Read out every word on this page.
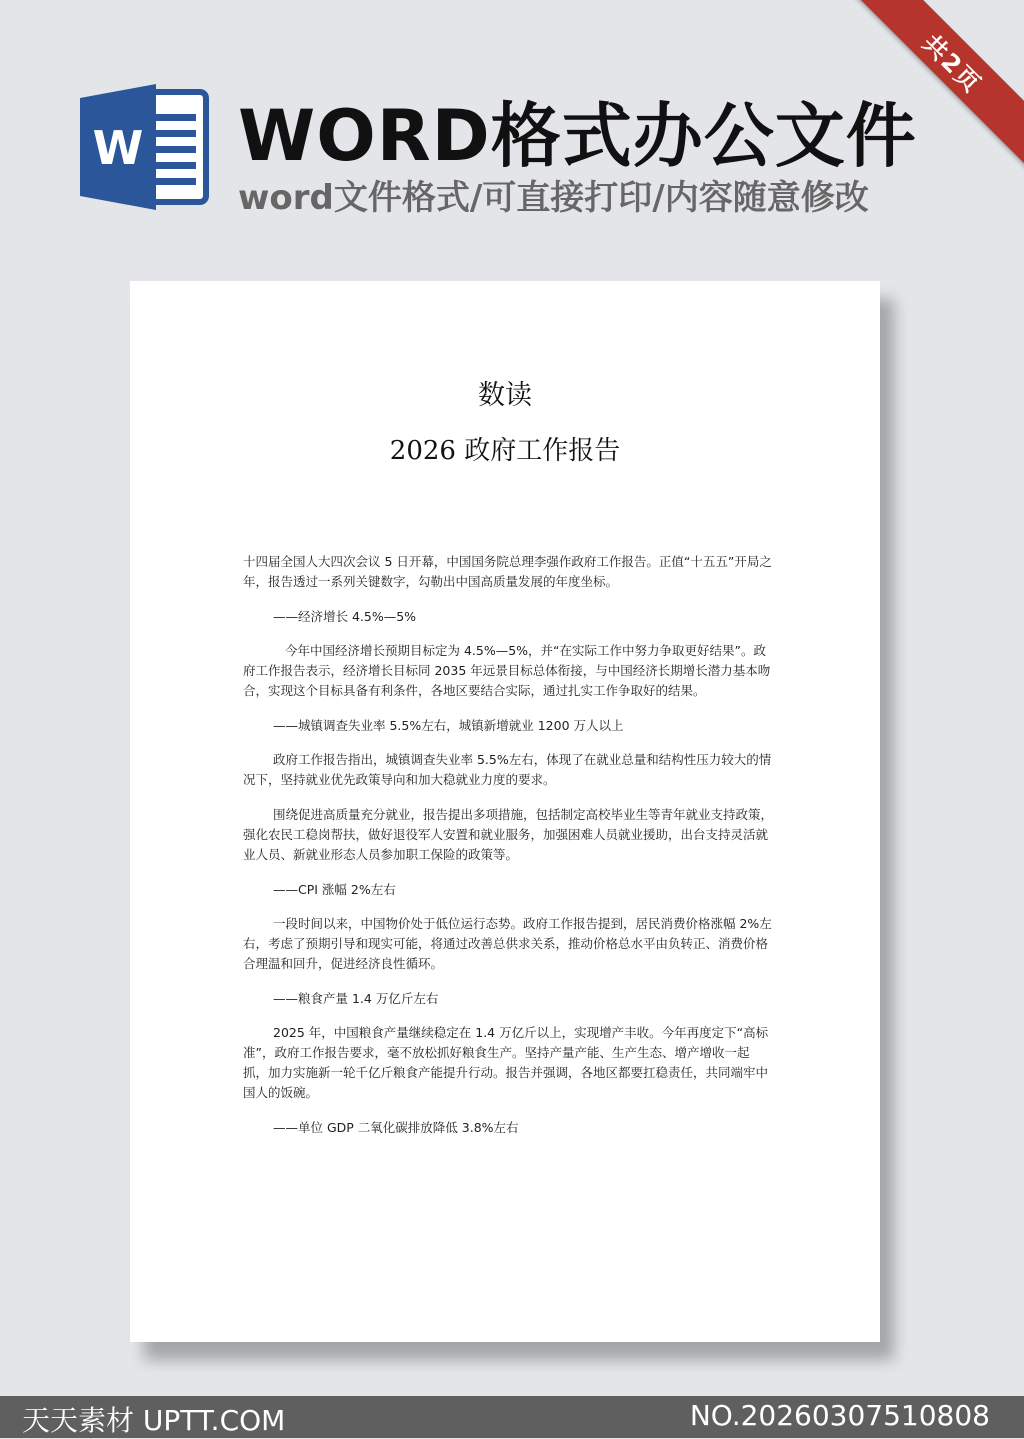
共2页
W WORD格式办公文件
word文件格式/可直接打印/内容随意修改
数读
2026 政府工作报告

十四届全国人大四次会议 5 日开幕，中国国务院总理李强作政府工作报告。正值“十五五”开局之年，报告透过一系列关键数字，勾勒出中国高质量发展的年度坐标。

——经济增长 4.5%—5%

今年中国经济增长预期目标定为 4.5%—5%，并“在实际工作中努力争取更好结果”。政府工作报告表示，经济增长目标同 2035 年远景目标总体衔接，与中国经济长期增长潜力基本吻合，实现这个目标具备有利条件，各地区要结合实际，通过扎实工作争取好的结果。

——城镇调查失业率 5.5%左右，城镇新增就业 1200 万人以上

政府工作报告指出，城镇调查失业率 5.5%左右，体现了在就业总量和结构性压力较大的情况下，坚持就业优先政策导向和加大稳就业力度的要求。

围绕促进高质量充分就业，报告提出多项措施，包括制定高校毕业生等青年就业支持政策，强化农民工稳岗帮扶，做好退役军人安置和就业服务，加强困难人员就业援助，出台支持灵活就业人员、新就业形态人员参加职工保险的政策等。

——CPI 涨幅 2%左右

一段时间以来，中国物价处于低位运行态势。政府工作报告提到，居民消费价格涨幅 2%左右，考虑了预期引导和现实可能，将通过改善总供求关系，推动价格总水平由负转正、消费价格合理温和回升，促进经济良性循环。

——粮食产量 1.4 万亿斤左右

2025 年，中国粮食产量继续稳定在 1.4 万亿斤以上，实现增产丰收。今年再度定下“高标准”，政府工作报告要求，毫不放松抓好粮食生产。坚持产量产能、生产生态、增产增收一起抓，加力实施新一轮千亿斤粮食产能提升行动。报告并强调，各地区都要扛稳责任，共同端牢中国人的饭碗。

——单位 GDP 二氧化碳排放降低 3.8%左右

天天素材 UPTT.COM	NO.20260307510808
